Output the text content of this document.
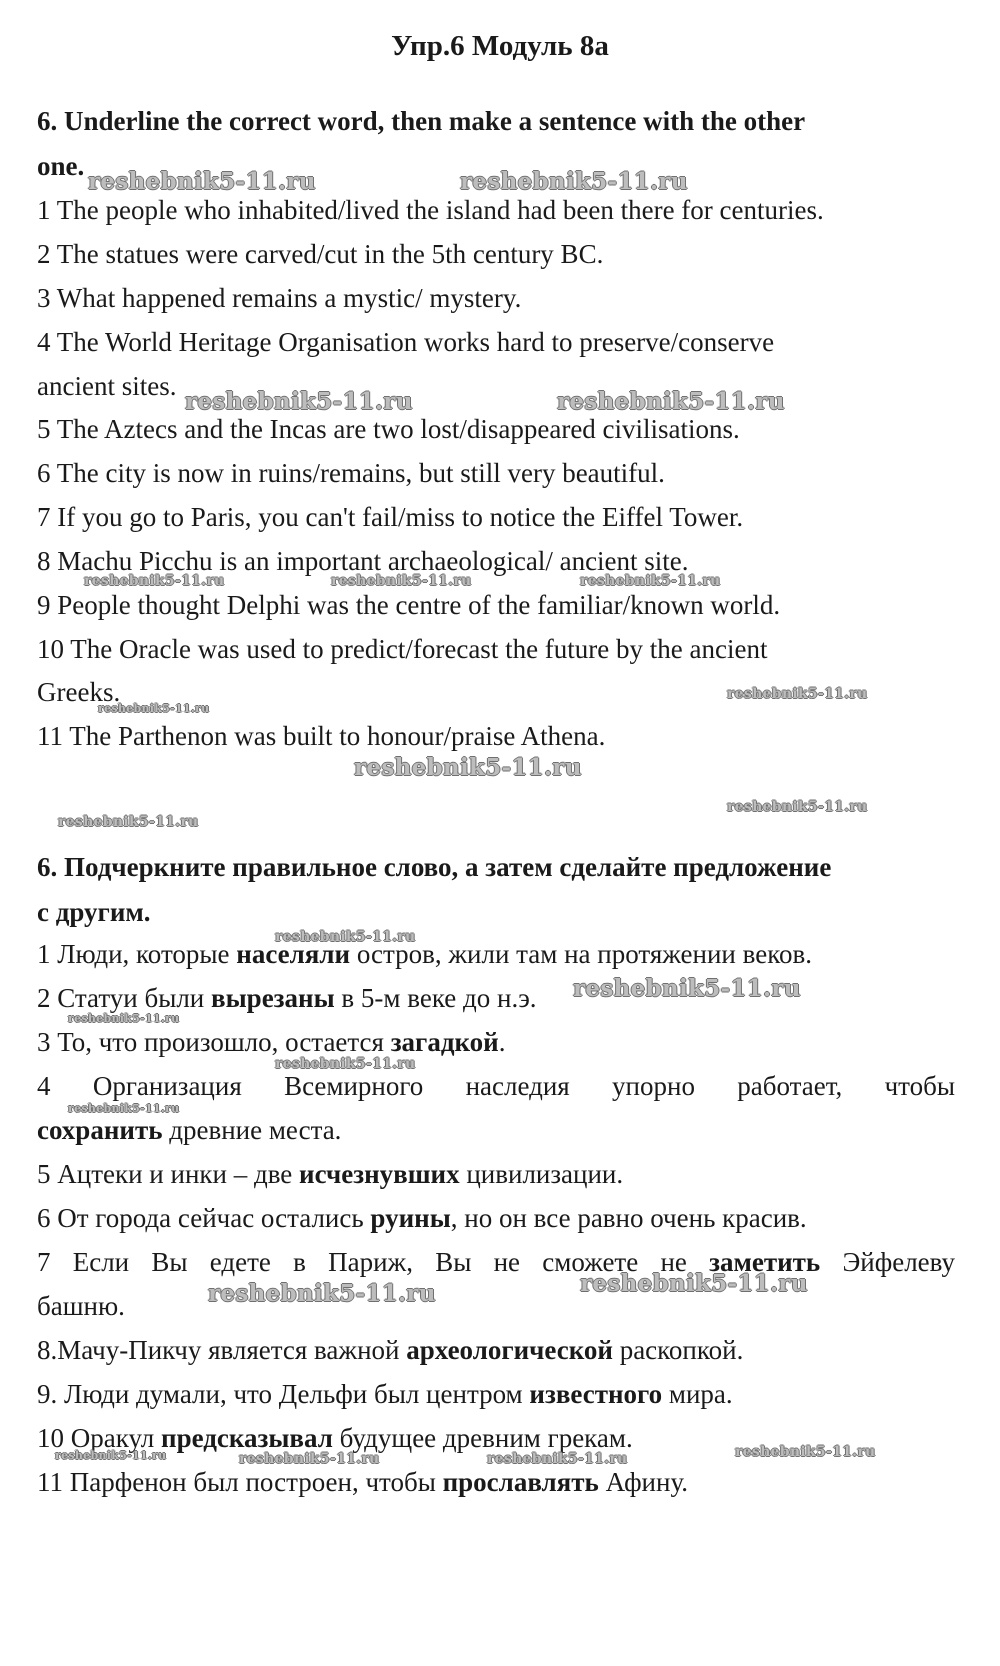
Упр.6 Модуль 8а
6. Underline the correct word, then make a sentence with the other
one.
1 The people who inhabited/lived the island had been there for centuries.
2 The statues were carved/cut in the 5th century BC.
3 What happened remains a mystic/ mystery.
4 The World Heritage Organisation works hard to preserve/conserve
ancient sites.
5 The Aztecs and the Incas are two lost/disappeared civilisations.
6 The city is now in ruins/remains, but still very beautiful.
7 If you go to Paris, you can't fail/miss to notice the Eiffel Tower.
8 Machu Picchu is an important archaeological/ ancient site.
9 People thought Delphi was the centre of the familiar/known world.
10 The Oracle was used to predict/forecast the future by the ancient
Greeks.
11 The Parthenon was built to honour/praise Athena.
6. Подчеркните правильное слово, а затем сделайте предложение
с другим.
1 Люди, которые населяли остров, жили там на протяжении веков.
2 Статуи были вырезаны в 5-м веке до н.э.
3 То, что произошло, остается загадкой.
4 Организация Всемирного наследия упорно работает, чтобы
сохранить древние места.
5 Ацтеки и инки – две исчезнувших цивилизации.
6 От города сейчас остались руины, но он все равно очень красив.
7 Если Вы едете в Париж, Вы не сможете не заметить Эйфелеву
башню.
8.Мачу-Пикчу является важной археологической раскопкой.
9. Люди думали, что Дельфи был центром известного мира.
10 Оракул предсказывал будущее древним грекам.
11 Парфенон был построен, чтобы прославлять Афину.
reshebnik5-11.ru	reshebnik5-11.ru
reshebnik5-11.ru	reshebnik5-11.ru
reshebnik5-11.ru	reshebnik5-11.ru	reshebnik5-11.ru
reshebnik5-11.ru
reshebnik5-11.ru
reshebnik5-11.ru
reshebnik5-11.ru
reshebnik5-11.ru
reshebnik5-11.ru
reshebnik5-11.ru
reshebnik5-11.ru
reshebnik5-11.ru
reshebnik5-11.ru
reshebnik5-11.ru
reshebnik5-11.ru
reshebnik5-11.ru
reshebnik5-11.ru	reshebnik5-11.ru	reshebnik5-11.ru
